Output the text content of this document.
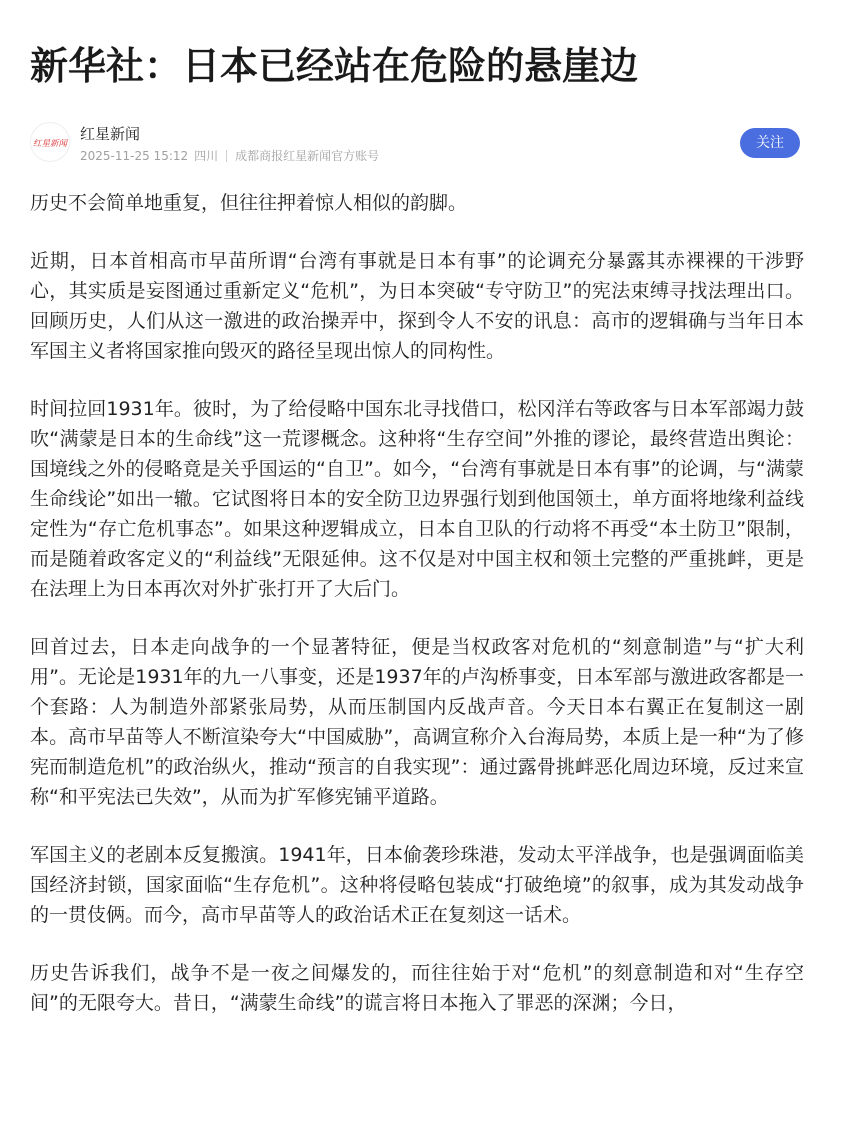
新华社：日本已经站在危险的悬崖边
红星新闻
红星新闻
2025-11-25 15:12 四川 成都商报红星新闻官方账号
关注

历史不会简单地重复，但往往押着惊人相似的韵脚。

近期，日本首相高市早苗所谓“台湾有事就是日本有事”的论调充分暴露其赤裸裸的干涉野心，其实质是妄图通过重新定义“危机”，为日本突破“专守防卫”的宪法束缚寻找法理出口。回顾历史，人们从这一激进的政治操弄中，探到令人不安的讯息：高市的逻辑确与当年日本军国主义者将国家推向毁灭的路径呈现出惊人的同构性。

时间拉回1931年。彼时，为了给侵略中国东北寻找借口，松冈洋右等政客与日本军部竭力鼓吹“满蒙是日本的生命线”这一荒谬概念。这种将“生存空间”外推的谬论，最终营造出舆论：国境线之外的侵略竟是关乎国运的“自卫”。如今，“台湾有事就是日本有事”的论调，与“满蒙生命线论”如出一辙。它试图将日本的安全防卫边界强行划到他国领土，单方面将地缘利益线定性为“存亡危机事态”。如果这种逻辑成立，日本自卫队的行动将不再受“本土防卫”限制，而是随着政客定义的“利益线”无限延伸。这不仅是对中国主权和领土完整的严重挑衅，更是在法理上为日本再次对外扩张打开了大后门。

回首过去，日本走向战争的一个显著特征，便是当权政客对危机的“刻意制造”与“扩大利用”。无论是1931年的九一八事变，还是1937年的卢沟桥事变，日本军部与激进政客都是一个套路：人为制造外部紧张局势，从而压制国内反战声音。今天日本右翼正在复制这一剧本。高市早苗等人不断渲染夸大“中国威胁”，高调宣称介入台海局势，本质上是一种“为了修宪而制造危机”的政治纵火，推动“预言的自我实现”：通过露骨挑衅恶化周边环境，反过来宣称“和平宪法已失效”，从而为扩军修宪铺平道路。

军国主义的老剧本反复搬演。1941年，日本偷袭珍珠港，发动太平洋战争，也是强调面临美国经济封锁，国家面临“生存危机”。这种将侵略包装成“打破绝境”的叙事，成为其发动战争的一贯伎俩。而今，高市早苗等人的政治话术正在复刻这一话术。

历史告诉我们，战争不是一夜之间爆发的，而往往始于对“危机”的刻意制造和对“生存空间”的无限夸大。昔日，“满蒙生命线”的谎言将日本拖入了罪恶的深渊；今日，
